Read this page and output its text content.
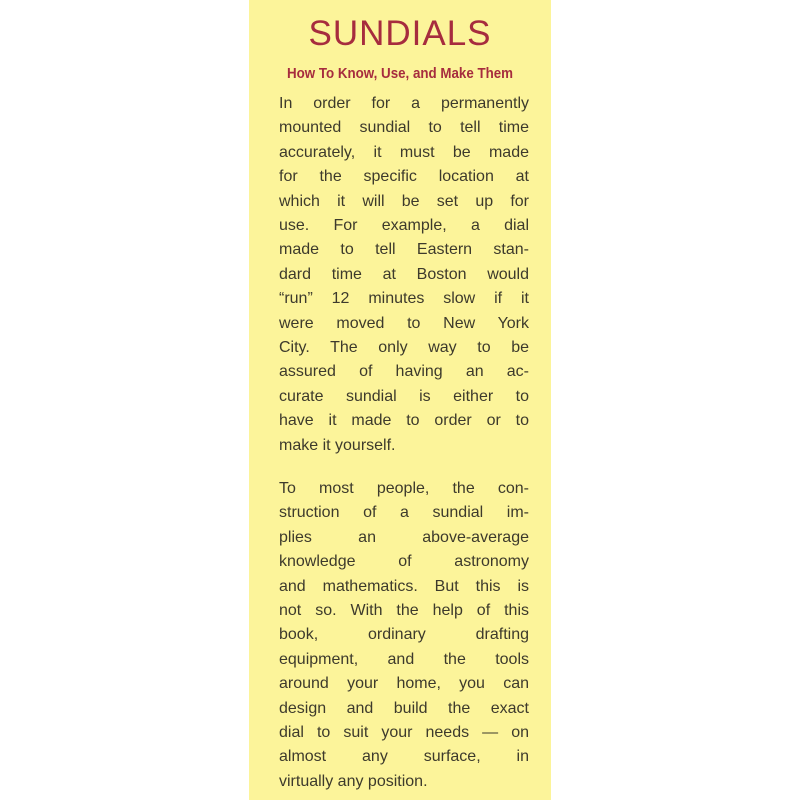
SUNDIALS
How To Know, Use, and Make Them

In order for a permanently
mounted sundial to tell time
accurately, it must be made
for the specific location at
which it will be set up for
use. For example, a dial
made to tell Eastern stan-
dard time at Boston would
“run” 12 minutes slow if it
were moved to New York
City. The only way to be
assured of having an ac-
curate sundial is either to
have it made to order or to
make it yourself.

To most people, the con-
struction of a sundial im-
plies an above-average
knowledge of astronomy
and mathematics. But this is
not so. With the help of this
book, ordinary drafting
equipment, and the tools
around your home, you can
design and build the exact
dial to suit your needs — on
almost any surface, in
virtually any position.
